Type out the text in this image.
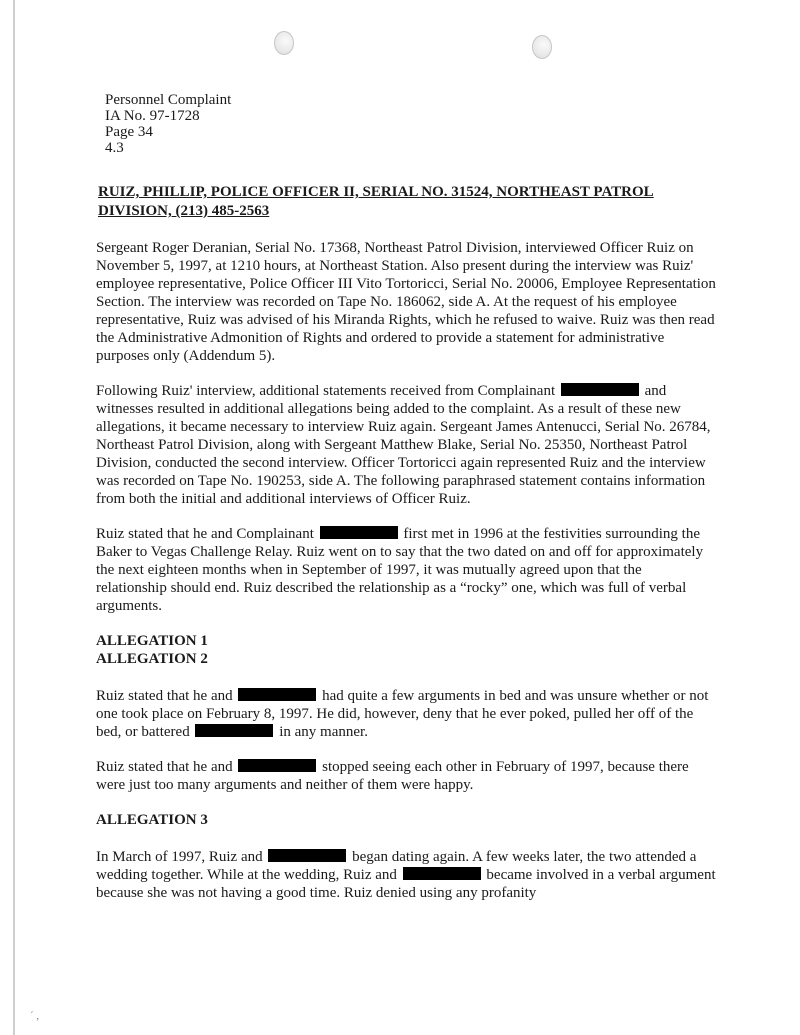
Personnel Complaint
IA No. 97-1728
Page 34
4.3
RUIZ, PHILLIP, POLICE OFFICER II, SERIAL NO. 31524, NORTHEAST PATROL DIVISION, (213) 485-2563

Sergeant Roger Deranian, Serial No. 17368, Northeast Patrol Division, interviewed Officer Ruiz on November 5, 1997, at 1210 hours, at Northeast Station. Also present during the interview was Ruiz' employee representative, Police Officer III Vito Tortoricci, Serial No. 20006, Employee Representation Section. The interview was recorded on Tape No. 186062, side A. At the request of his employee representative, Ruiz was advised of his Miranda Rights, which he refused to waive. Ruiz was then read the Administrative Admonition of Rights and ordered to provide a statement for administrative purposes only (Addendum 5).

Following Ruiz' interview, additional statements received from Complainant	and witnesses resulted in additional allegations being added to the complaint. As a result of these new allegations, it became necessary to interview Ruiz again. Sergeant James Antenucci, Serial No. 26784, Northeast Patrol Division, along with Sergeant Matthew Blake, Serial No. 25350, Northeast Patrol Division, conducted the second interview. Officer Tortoricci again represented Ruiz and the interview was recorded on Tape No. 190253, side A. The following paraphrased statement contains information from both the initial and additional interviews of Officer Ruiz.

Ruiz stated that he and Complainant	first met in 1996 at the festivities surrounding the Baker to Vegas Challenge Relay. Ruiz went on to say that the two dated on and off for approximately the next eighteen months when in September of 1997, it was mutually agreed upon that the relationship should end. Ruiz described the relationship as a “rocky” one, which was full of verbal arguments.

ALLEGATION 1
ALLEGATION 2

Ruiz stated that he and	had quite a few arguments in bed and was unsure whether or not one took place on February 8, 1997. He did, however, deny that he ever poked, pulled her off of the bed, or battered	in any manner.

Ruiz stated that he and	stopped seeing each other in February of 1997, because there were just too many arguments and neither of them were happy.

ALLEGATION 3

In March of 1997, Ruiz and	began dating again. A few weeks later, the two attended a wedding together. While at the wedding, Ruiz and	became involved in a verbal argument because she was not having a good time. Ruiz denied using any profanity

´ ,
